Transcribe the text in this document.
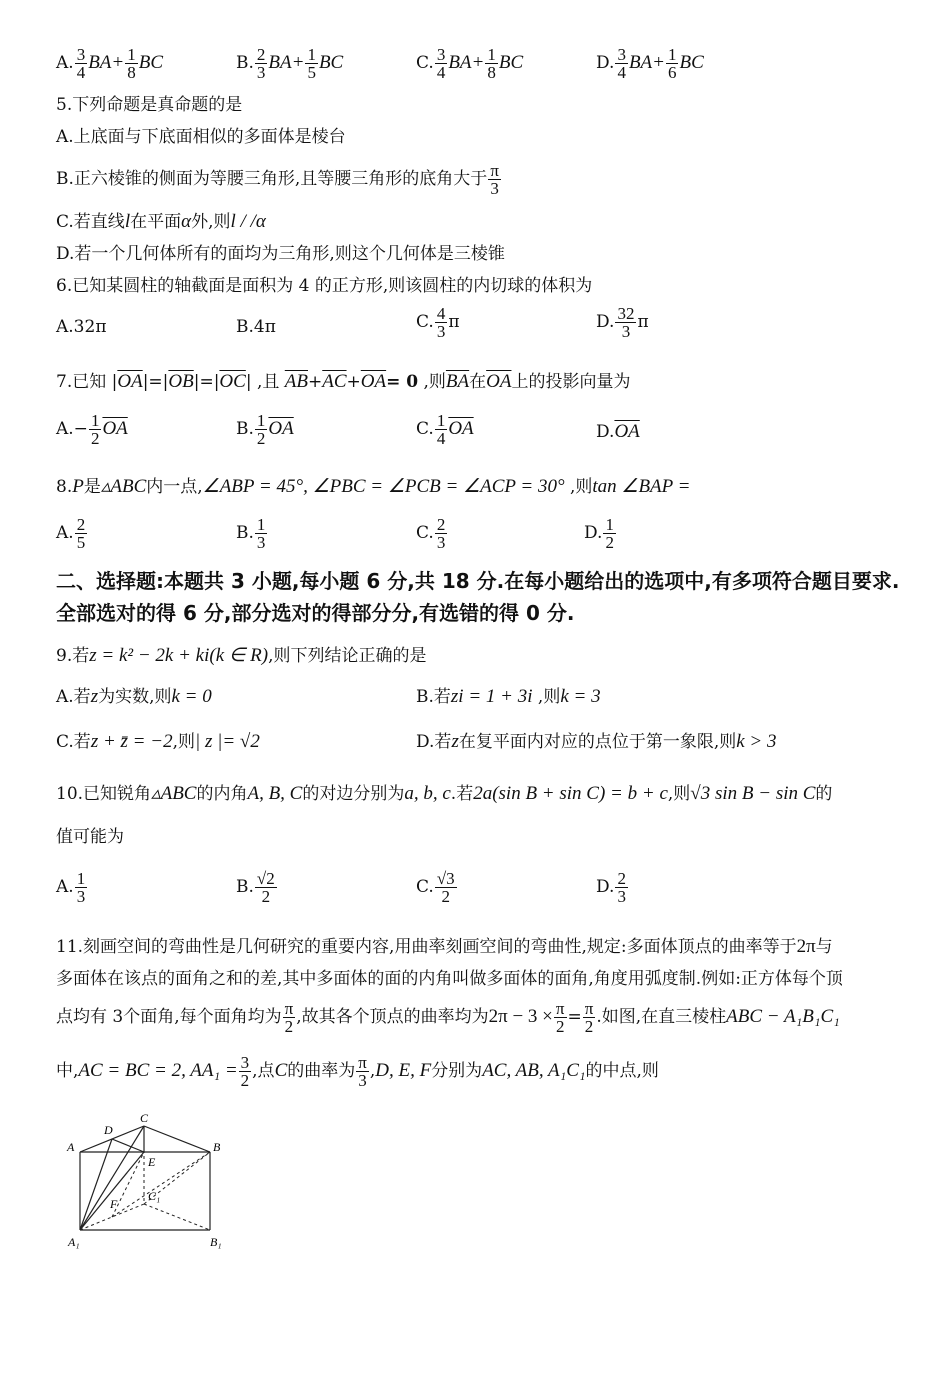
A. $\frac{3}{4} BA+ \frac{1}{8}$ BC	B. $\frac{2}{3} BA+ \frac{1}{5}$ BC	C. $\frac{3}{4} BA+ \frac{1}{8}$ BC	D. $\frac{3}{4} BA+ \frac{1}{6}$ BC
5.下列命题是真命题的是
A.上底面与下底面相似的多面体是棱台
B.正六棱锥的侧面为等腰三角形,且等腰三角形的底角大于 $\frac{\pi}{3}$
C.若直线l在平面α外,则l / /α
D.若一个几何体所有的面均为三角形,则这个几何体是三棱锥
6.已知某圆柱的轴截面是面积为 4 的正方形,则该圆柱的内切球的体积为
A.32π	B.4π	C. $\frac{4}{3}$ π	D. $\frac{32}{3}$ π
7.已知 $|\overline{OA}|=|\overline{OB}|=|\overline{OC}|$ ,且 $\overline{AB}+\overline{AC}+\overline{OA}= 0$ ,则$\overline{BA}$在$\overline{OA}$上的投影向量为
$A.- \frac{1}{2} \overline{OA}$	B. $\frac{1}{2} \overline{OA}$	C. $\frac{1}{4} \overline{OA}$	$D.\overline{OA}$
8.P是▵ABC内一点,∠ABP = 45°, ∠PBC = ∠PCB = ∠ACP = 30° ,则tan ∠BAP =
A. $\frac{2}{5}$	B. $\frac{1}{3}$	C. $\frac{2}{3}$	D. $\frac{1}{2}$
二、选择题:本题共 3 小题,每小题 6 分,共 18 分.在每小题给出的选项中,有多项符合题目要求.
全部选对的得 6 分,部分选对的得部分分,有选错的得 0 分.
9.若z = k² − 2k + ki(k ∈ R),则下列结论正确的是
A.若z为实数,则k = 0	B.若zi = 1 + 3i ,则k = 3
C.若z + z̄ = −2,则| z |= √2	D.若z在复平面内对应的点位于第一象限,则k > 3
10.已知锐角▵ABC的内角A, B, C的对边分别为a, b, c.若2a(sin B + sin C) = b + c,则√3 sin B − sin C的
值可能为
A. $\frac{1}{3}$	B. $\frac{√2}{2}$	C. $\frac{√3}{2}$	D. $\frac{2}{3}$
11.刻画空间的弯曲性是几何研究的重要内容,用曲率刻画空间的弯曲性,规定:多面体顶点的曲率等于2π与
多面体在该点的面角之和的差,其中多面体的面的内角叫做多面体的面角,角度用弧度制.例如:正方体每个顶
点均有 3个面角,每个面角均为 $\frac{\pi}{2}$ ,故其各个顶点的曲率均为$2\pi - 3 \times \frac{\pi}{2} = \frac{\pi}{2}$ .如图,在直三棱柱ABC − A₁B₁C₁
中,AC = BC = 2, $AA_1 = \frac{3}{2}$ ,点C的曲率为 $\frac{\pi}{3} ,D$, E, F分别为AC, AB, A₁C₁的中点,则
A	B
C
D
E
F
A₁	B₁
C₁
